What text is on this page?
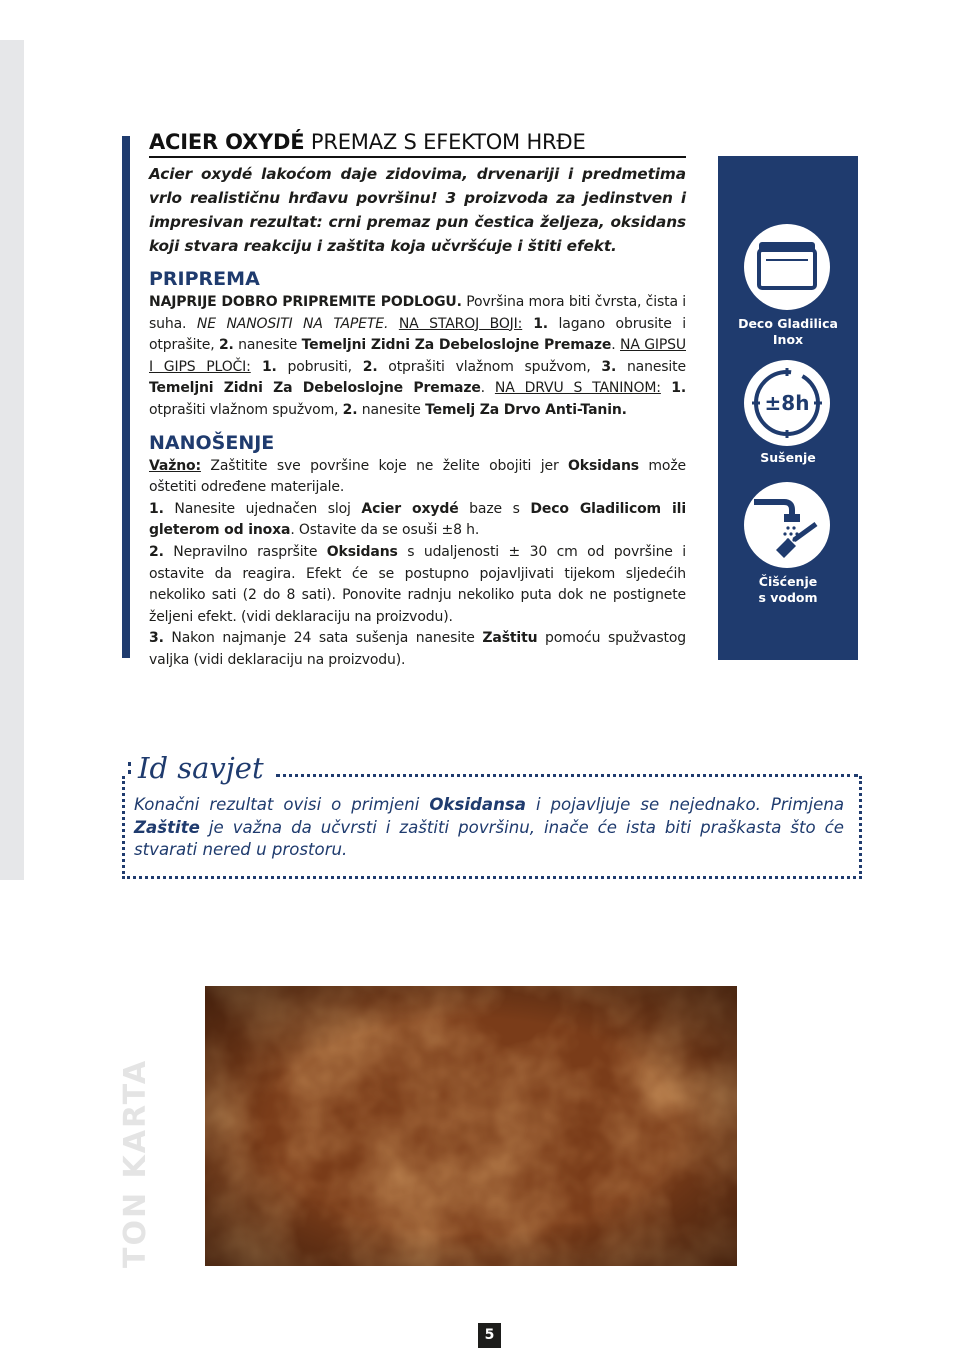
ACIER OXYDÉ PREMAZ S EFEKTOM HRĐE
Acier oxydé lakoćom daje zidovima, drvenariji i predmetima vrlo realističnu hrđavu površinu! 3 proizvoda za jedinstven i impresivan rezultat: crni premaz pun čestica željeza, oksidans koji stvara reakciju i zaštita koja učvršćuje i štiti efekt.
PRIPREMA

NAJPRIJE DOBRO PRIPREMITE PODLOGU. Površina mora biti čvrsta, čista i suha. NE NANOSITI NA TAPETE. NA STAROJ BOJI: 1. lagano obrusite i otprašite, 2. nanesite Temeljni Zidni Za Debeloslojne Premaze. NA GIPSU I GIPS PLOČI: 1. pobrusiti, 2. otprašiti vlažnom spužvom, 3. nanesite Temeljni Zidni Za Debeloslojne Premaze. NA DRVU S TANINOM: 1. otprašiti vlažnom spužvom, 2. nanesite Temelj Za Drvo Anti-Tanin.

NANOŠENJE

Važno: Zaštitite sve površine koje ne želite obojiti jer Oksidans može oštetiti određene materijale.

1. Nanesite ujednačen sloj Acier oxydé baze s Deco Gladilicom ili gleterom od inoxa. Ostavite da se osuši ±8 h.

2. Nepravilno raspršite Oksidans s udaljenosti ± 30 cm od površine i ostavite da reagira. Efekt će se postupno pojavljivati tijekom sljedećih nekoliko sati (2 do 8 sati). Ponovite radnju nekoliko puta dok ne postignete željeni efekt. (vidi deklaraciju na proizvodu).

3. Nakon najmanje 24 sata sušenja nanesite Zaštitu pomoću spužvastog valjka (vidi deklaraciju na proizvodu).

Deco Gladilica
Inox
±8h
Sušenje
Čišćenje
s vodom
Id savjet
Konačni rezultat ovisi o primjeni Oksidansa i pojavljuje se nejednako. Primjena Zaštite je važna da učvrsti i zaštiti površinu, inače će ista biti praškasta što će stvarati nered u prostoru.
TON KARTA
5
